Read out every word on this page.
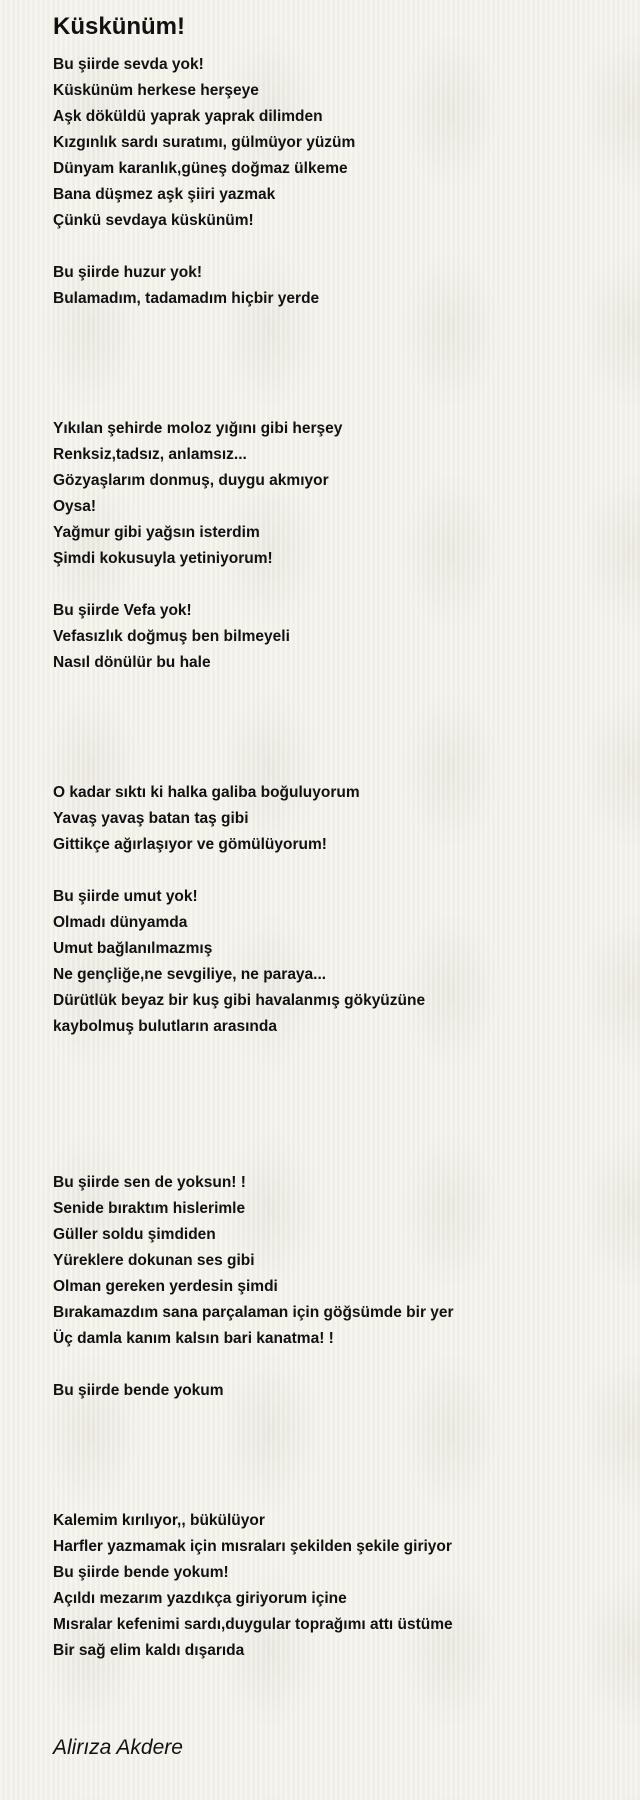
Küskünüm!
Bu şiirde sevda yok!
Küskünüm herkese herşeye
Aşk döküldü yaprak yaprak dilimden
Kızgınlık sardı suratımı, gülmüyor yüzüm
Dünyam karanlık,güneş doğmaz ülkeme
Bana düşmez aşk şiiri yazmak
Çünkü sevdaya küskünüm!
Bu şiirde huzur yok!
Bulamadım, tadamadım hiçbir yerde
Yıkılan şehirde moloz yığını gibi herşey
Renksiz,tadsız, anlamsız...
Gözyaşlarım donmuş, duygu akmıyor
Oysa!
Yağmur gibi yağsın isterdim
Şimdi kokusuyla yetiniyorum!
Bu şiirde Vefa yok!
Vefasızlık doğmuş ben bilmeyeli
Nasıl dönülür bu hale
O kadar sıktı ki halka galiba boğuluyorum
Yavaş yavaş batan taş gibi
Gittikçe ağırlaşıyor ve gömülüyorum!
Bu şiirde umut yok!
Olmadı dünyamda
Umut bağlanılmazmış
Ne gençliğe,ne sevgiliye, ne paraya...
Dürütlük beyaz bir kuş gibi havalanmış gökyüzüne
kaybolmuş bulutların arasında
Bu şiirde sen de yoksun! !
Senide bıraktım hislerimle
Güller soldu şimdiden
Yüreklere dokunan ses gibi
Olman gereken yerdesin şimdi
Bırakamazdım sana parçalaman için göğsümde bir yer
Üç damla kanım kalsın bari kanatma! !
Bu şiirde bende yokum
Kalemim kırılıyor,, bükülüyor
Harfler yazmamak için mısraları şekilden şekile giriyor
Bu şiirde bende yokum!
Açıldı mezarım yazdıkça giriyorum içine
Mısralar kefenimi sardı,duygular toprağımı attı üstüme
Bir sağ elim kaldı dışarıda
Alirıza Akdere
